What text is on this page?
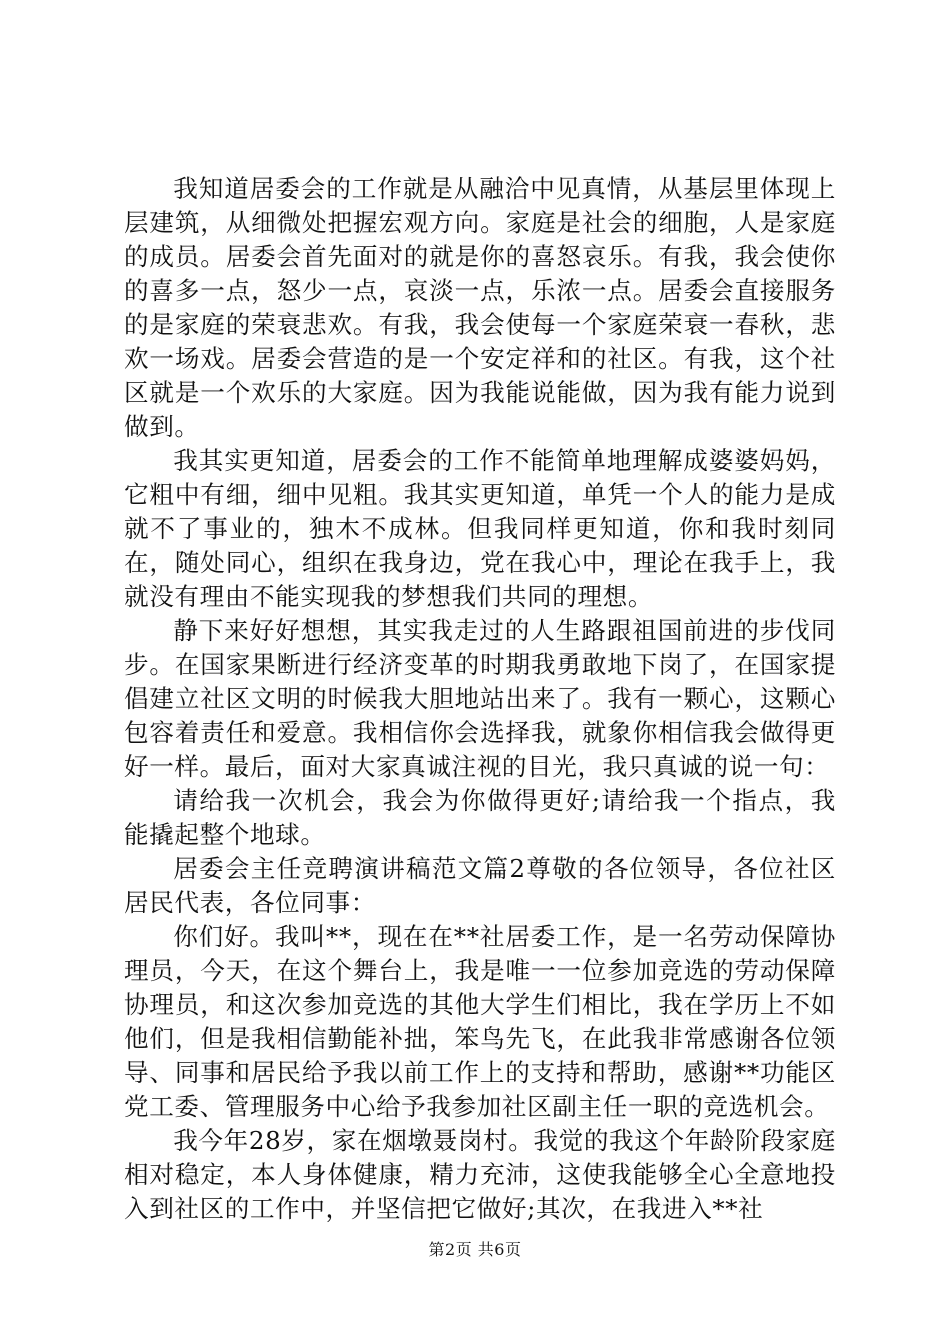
我知道居委会的工作就是从融洽中见真情，从基层里体现上层建筑，从细微处把握宏观方向。家庭是社会的细胞，人是家庭的成员。居委会首先面对的就是你的喜怒哀乐。有我，我会使你的喜多一点，怒少一点，哀淡一点，乐浓一点。居委会直接服务的是家庭的荣衰悲欢。有我，我会使每一个家庭荣衰一春秋，悲欢一场戏。居委会营造的是一个安定祥和的社区。有我，这个社区就是一个欢乐的大家庭。因为我能说能做，因为我有能力说到做到。

我其实更知道，居委会的工作不能简单地理解成婆婆妈妈，它粗中有细，细中见粗。我其实更知道，单凭一个人的能力是成就不了事业的，独木不成林。但我同样更知道，你和我时刻同在，随处同心，组织在我身边，党在我心中，理论在我手上，我就没有理由不能实现我的梦想我们共同的理想。

静下来好好想想，其实我走过的人生路跟祖国前进的步伐同步。在国家果断进行经济变革的时期我勇敢地下岗了，在国家提倡建立社区文明的时候我大胆地站出来了。我有一颗心，这颗心包容着责任和爱意。我相信你会选择我，就象你相信我会做得更好一样。最后，面对大家真诚注视的目光，我只真诚的说一句：

请给我一次机会，我会为你做得更好;请给我一个指点，我能撬起整个地球。

居委会主任竞聘演讲稿范文篇2尊敬的各位领导，各位社区居民代表，各位同事：

你们好。我叫**，现在在**社居委工作，是一名劳动保障协理员，今天，在这个舞台上，我是唯一一位参加竞选的劳动保障协理员，和这次参加竞选的其他大学生们相比，我在学历上不如他们，但是我相信勤能补拙，笨鸟先飞，在此我非常感谢各位领导、同事和居民给予我以前工作上的支持和帮助，感谢**功能区党工委、管理服务中心给予我参加社区副主任一职的竞选机会。

我今年28岁，家在烟墩聂岗村。我觉的我这个年龄阶段家庭相对稳定，本人身体健康，精力充沛，这使我能够全心全意地投入到社区的工作中，并坚信把它做好;其次，在我进入**社

第2页 共6页
